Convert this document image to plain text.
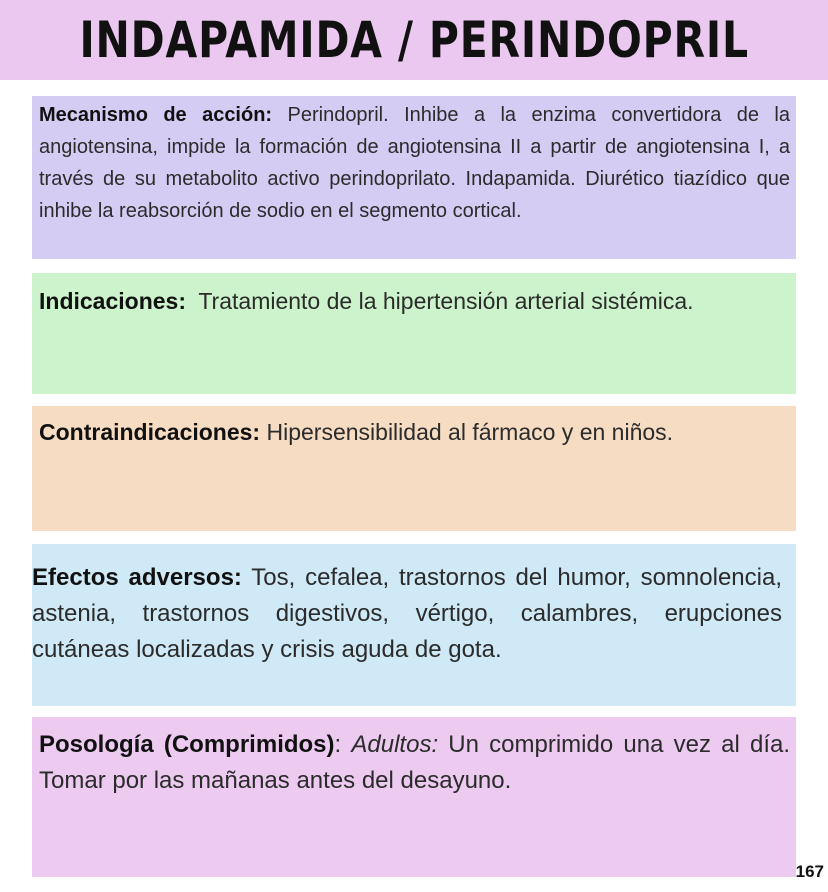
INDAPAMIDA / PERINDOPRIL

Mecanismo de acción: Perindopril. Inhibe a la enzima convertidora de la angiotensina, impide la formación de angiotensina II a partir de angiotensina I, a través de su metabolito activo perindoprilato. Indapamida. Diurético tiazídico que inhibe la reabsorción de sodio en el segmento cortical.

Indicaciones: Tratamiento de la hipertensión arterial sistémica.

Contraindicaciones: Hipersensibilidad al fármaco y en niños.

Efectos adversos: Tos, cefalea, trastornos del humor, somnolencia, astenia, trastornos digestivos, vértigo, calambres, erupciones cutáneas localizadas y crisis aguda de gota.

Posología (Comprimidos): Adultos: Un comprimido una vez al día. Tomar por las mañanas antes del desayuno.

167
